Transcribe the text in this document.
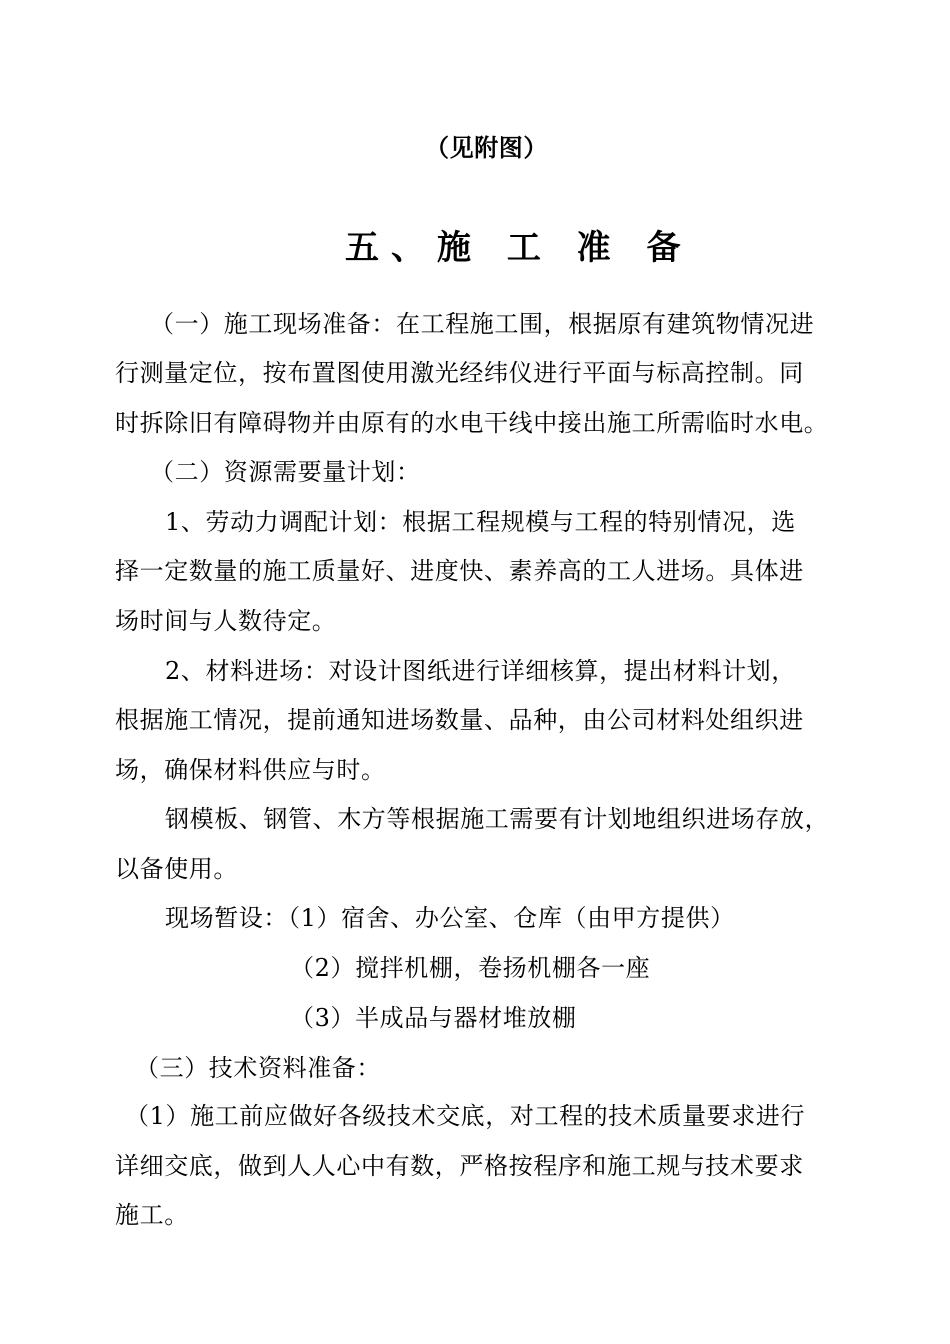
（见附图）
五、施 工 准 备
（一）施工现场准备：在工程施工围，根据原有建筑物情况进
行测量定位，按布置图使用激光经纬仪进行平面与标高控制。同
时拆除旧有障碍物并由原有的水电干线中接出施工所需临时水电。
（二）资源需要量计划：
1、劳动力调配计划：根据工程规模与工程的特别情况，选
择一定数量的施工质量好、进度快、素养高的工人进场。具体进
场时间与人数待定。
2、材料进场：对设计图纸进行详细核算，提出材料计划，
根据施工情况，提前通知进场数量、品种，由公司材料处组织进
场，确保材料供应与时。
钢模板、钢管、木方等根据施工需要有计划地组织进场存放，
以备使用。
现场暂设：（1）宿舍、办公室、仓库（由甲方提供）
（2）搅拌机棚，卷扬机棚各一座
（3）半成品与器材堆放棚
（三）技术资料准备：
（1）施工前应做好各级技术交底，对工程的技术质量要求进行
详细交底，做到人人心中有数，严格按程序和施工规与技术要求
施工。
